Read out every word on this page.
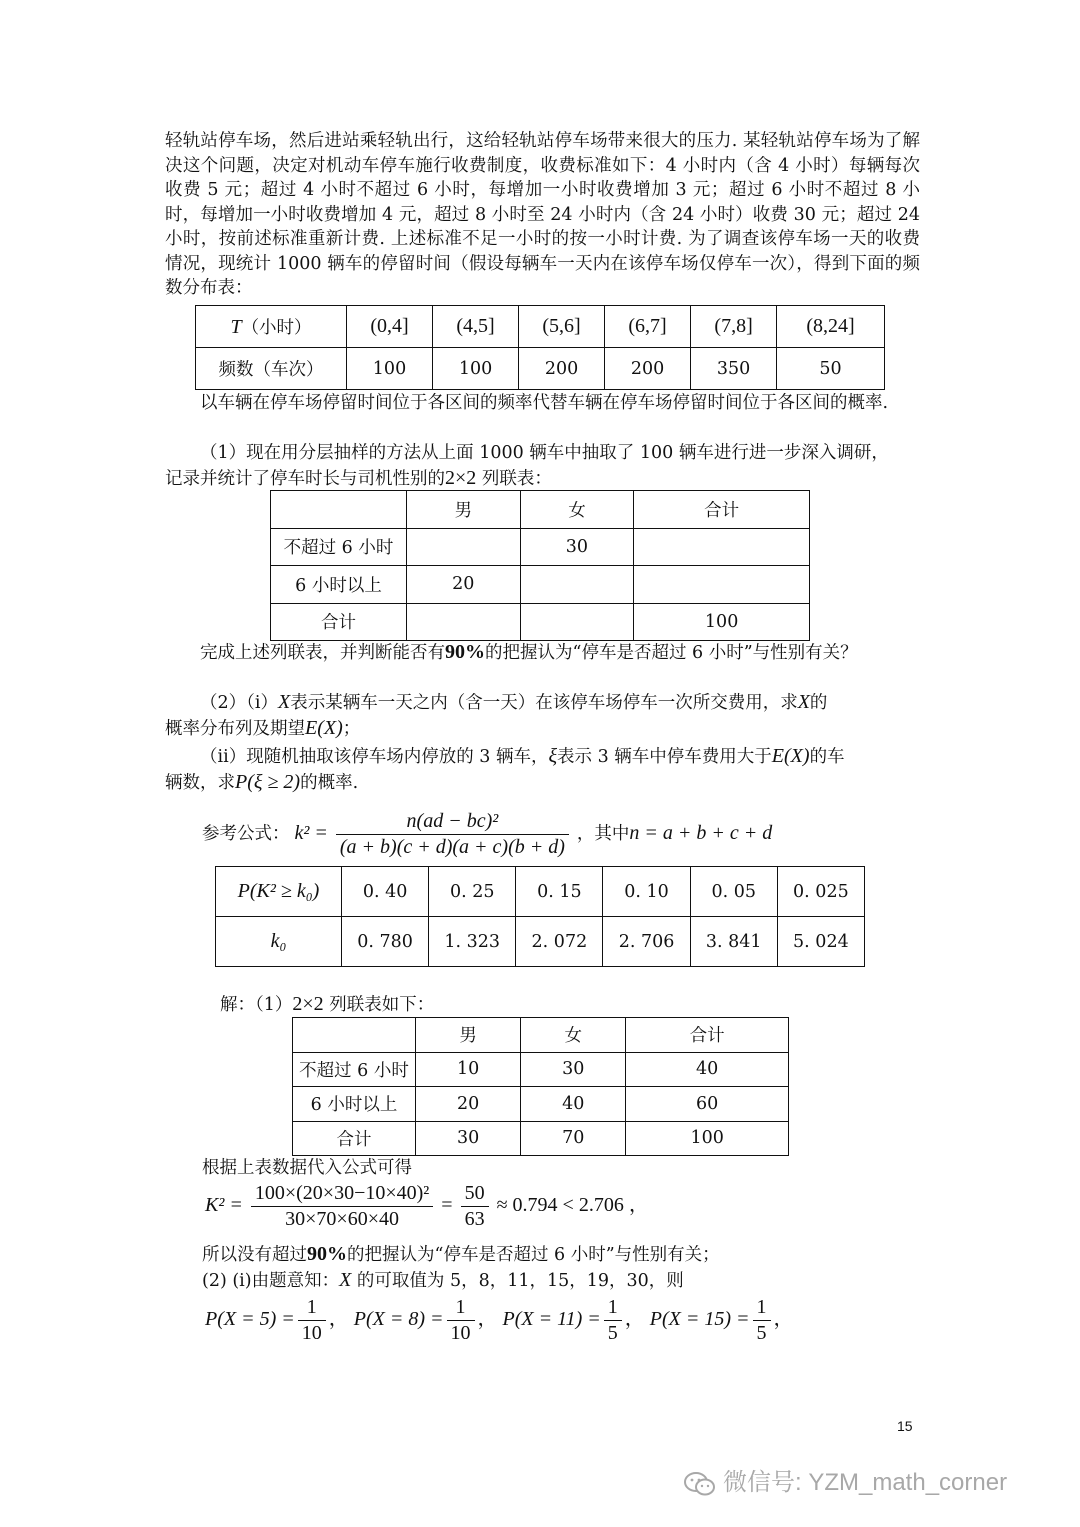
轻轨站停车场，然后进站乘轻轨出行，这给轻轨站停车场带来很大的压力. 某轻轨站停车场为了解决这个问题，决定对机动车停车施行收费制度，收费标准如下：4 小时内（含 4 小时）每辆每次收费 5 元；超过 4 小时不超过 6 小时，每增加一小时收费增加 3 元；超过 6 小时不超过 8 小时，每增加一小时收费增加 4 元，超过 8 小时至 24 小时内（含 24 小时）收费 30 元；超过 24 小时，按前述标准重新计费. 上述标准不足一小时的按一小时计费. 为了调查该停车场一天的收费情况，现统计 1000 辆车的停留时间（假设每辆车一天内在该停车场仅停车一次），得到下面的频数分布表：

T（小时）	(0,4]	(4,5]	(5,6]	(6,7]	(7,8]	(8,24]
频数（车次）	100	100	200	200	350	50

以车辆在停车场停留时间位于各区间的频率代替车辆在停车场停留时间位于各区间的概率.

（1）现在用分层抽样的方法从上面 1000 辆车中抽取了 100 辆车进行进一步深入调研，
记录并统计了停车时长与司机性别的2×2 列联表：

	男	女	合计
不超过 6 小时		30	
6 小时以上	20		
合计			100

完成上述列联表，并判断能否有90%的把握认为“停车是否超过 6 小时”与性别有关？

（2）（i）X表示某辆车一天之内（含一天）在该停车场停车一次所交费用，求X的
概率分布列及期望E(X)；

（ii）现随机抽取该停车场内停放的 3 辆车，ξ表示 3 辆车中停车费用大于E(X)的车
辆数，求P(ξ ≥ 2)的概率.

参考公式： $k^2 = \frac{\text{n(ad − bc)²}}{(a + b)(c + d)(a + c)(b + d)}$ ，其中n = a + b + c + d
P(K² ≥ k₀)	0. 40	0. 25	0. 15	0. 10	0. 05	0. 025
k₀	0. 780	1. 323	2. 072	2. 706	3. 841	5. 024

解：（1）2×2 列联表如下：

	男	女	合计
不超过 6 小时	10	30	40
6 小时以上	20	40	60
合计	30	70	100

根据上表数据代入公式可得

$K^2 = \frac{\text{100×(20×30−10×40)²}}{30\times 70\times 60\times 40} = \frac{50}{63} \approx 0.794 < 2.706$ ，

所以没有超过90%的把握认为“停车是否超过 6 小时”与性别有关；

(2) (i)由题意知：X 的可取值为 5，8，11，15，19，30，则

$P(X = 5) = \frac{1}{10}$ ， $P(X = 8) = \frac{1}{10}$ ， $P(X = 11) = \frac{1}{5}$ ， $P(X = 15) = \frac{1}{5}$ ，
15
微信号: YZM_math_corner
